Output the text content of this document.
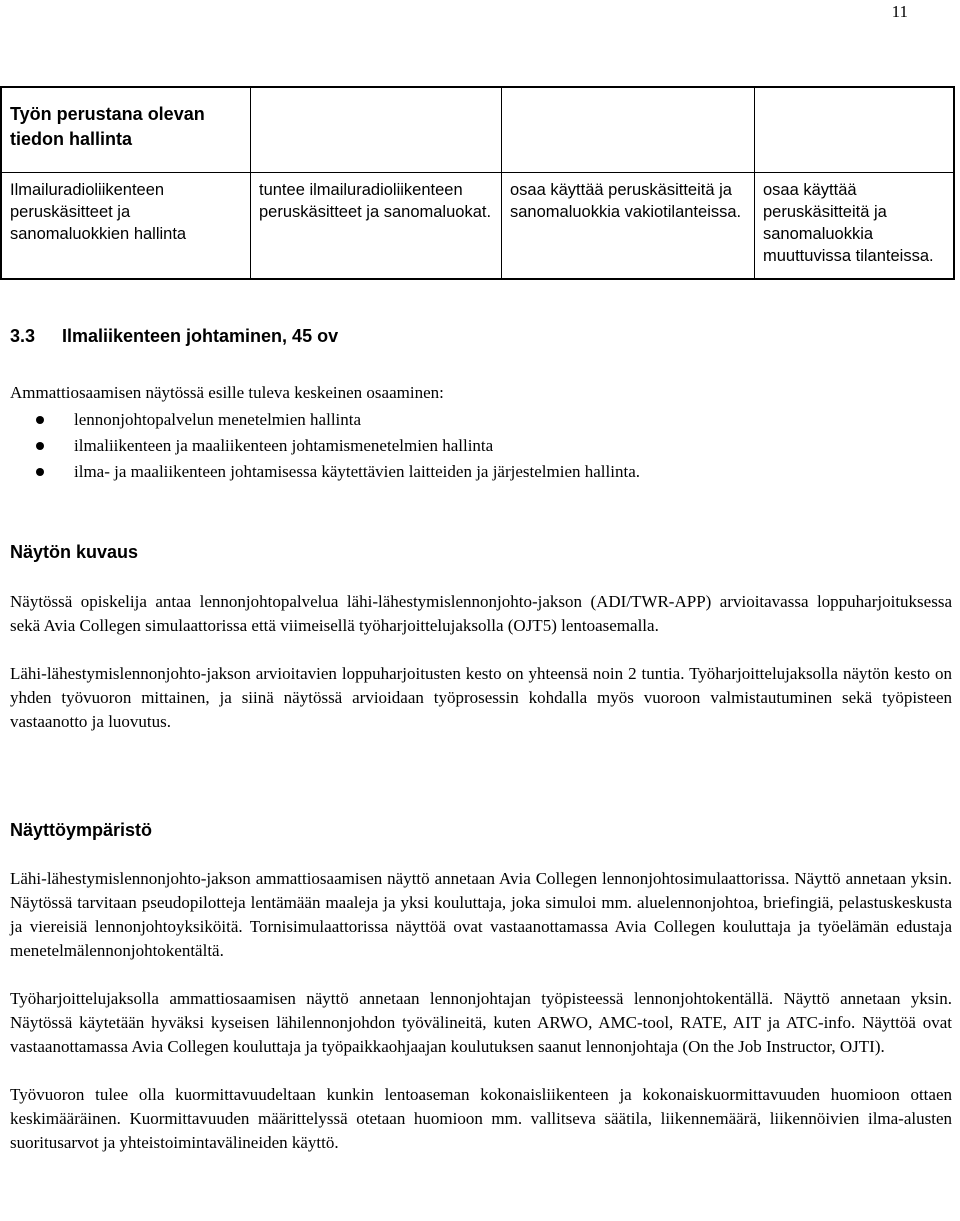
11
Työn perustana olevan tiedon hallinta			
Ilmailuradioliikenteen peruskäsitteet ja sanomaluokkien hallinta	tuntee ilmailuradioliikenteen peruskäsitteet ja sanomaluokat.	osaa käyttää peruskäsitteitä ja sanomaluokkia vakiotilanteissa.	osaa käyttää peruskäsitteitä ja sanomaluokkia muuttuvissa tilanteissa.
3.3 Ilmaliikenteen johtaminen, 45 ov
Ammattiosaamisen näytössä esille tuleva keskeinen osaaminen:
lennonjohtopalvelun menetelmien hallinta
ilmaliikenteen ja maaliikenteen johtamismenetelmien hallinta
ilma- ja maaliikenteen johtamisessa käytettävien laitteiden ja järjestelmien hallinta.
Näytön kuvaus

Näytössä opiskelija antaa lennonjohtopalvelua lähi-lähestymislennonjohto-jakson (ADI/TWR-APP) arvioitavassa loppuharjoituksessa sekä Avia Collegen simulaattorissa että viimeisellä työharjoittelujaksolla (OJT5) lentoasemalla.

Lähi-lähestymislennonjohto-jakson arvioitavien loppuharjoitusten kesto on yhteensä noin 2 tuntia. Työharjoittelujaksolla näytön kesto on yhden työvuoron mittainen, ja siinä näytössä arvioidaan työprosessin kohdalla myös vuoroon valmistautuminen sekä työpisteen vastaanotto ja luovutus.

Näyttöympäristö

Lähi-lähestymislennonjohto-jakson ammattiosaamisen näyttö annetaan Avia Collegen lennonjohtosimulaattorissa. Näyttö annetaan yksin. Näytössä tarvitaan pseudopilotteja lentämään maaleja ja yksi kouluttaja, joka simuloi mm. aluelennonjohtoa, briefingiä, pelastuskeskusta ja viereisiä lennonjohtoyksiköitä. Tornisimulaattorissa näyttöä ovat vastaanottamassa Avia Collegen kouluttaja ja työelämän edustaja menetelmälennonjohtokentältä.

Työharjoittelujaksolla ammattiosaamisen näyttö annetaan lennonjohtajan työpisteessä lennonjohtokentällä. Näyttö annetaan yksin. Näytössä käytetään hyväksi kyseisen lähilennonjohdon työvälineitä, kuten ARWO, AMC-tool, RATE, AIT ja ATC-info. Näyttöä ovat vastaanottamassa Avia Collegen kouluttaja ja työpaikkaohjaajan koulutuksen saanut lennonjohtaja (On the Job Instructor, OJTI).

Työvuoron tulee olla kuormittavuudeltaan kunkin lentoaseman kokonaisliikenteen ja kokonaiskuormittavuuden huomioon ottaen keskimääräinen. Kuormittavuuden määrittelyssä otetaan huomioon mm. vallitseva säätila, liikennemäärä, liikennöivien ilma-alusten suoritusarvot ja yhteistoimintavälineiden käyttö.
